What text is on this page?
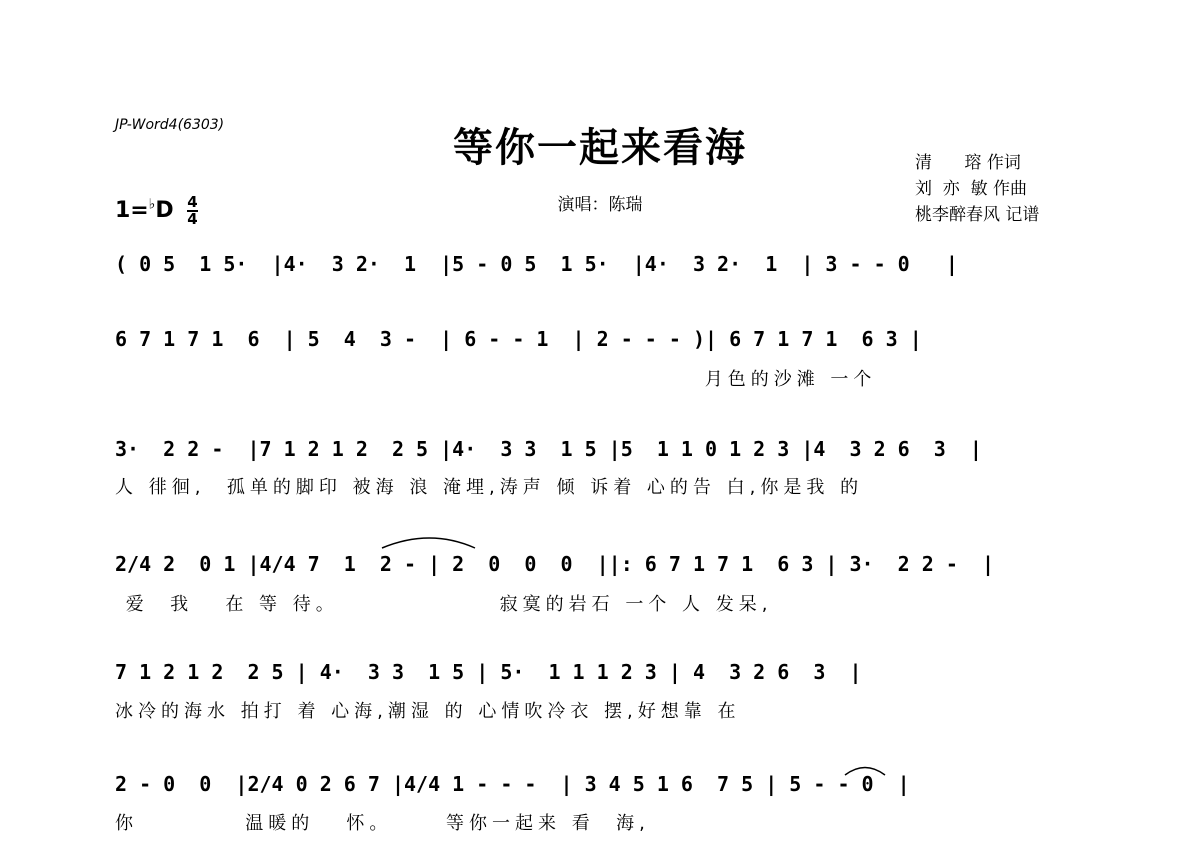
JP-Word4(6303)	等你一起来看海
演唱：陈瑞
清      瑢 作词
刘  亦  敏 作曲
桃李醉春风 记谱
$1=^♭D \frac{4}{4}$
( 0 5  1 5·  |4·  3 2·  1  |5 - 0 5  1 5·  |4·  3 2·  1  | 3 - - 0   |
6 7 1 7 1  6  | 5  4  3 -  | 6 - - 1  | 2 - - - )| 6 7 1 7 1  6 3 |
月色的沙滩 一个
3·  2 2 -  |7 1 2 1 2  2 5 |4·  3 3  1 5 |5  1 1 0 1 2 3 |4  3 2 6  3  |
人 徘徊,  孤单的脚印 被海 浪 淹埋,涛声 倾 诉着 心的告 白,你是我 的
2/4 2  0 1 |4/4 7  1  2 - | 2  0  0  0  ||: 6 7 1 7 1  6 3 | 3·  2 2 -  |
爱  我   在 等 待。               寂寞的岩石 一个 人 发呆,
7 1 2 1 2  2 5 | 4·  3 3  1 5 | 5·  1 1 1 2 3 | 4  3 2 6  3  |
冰冷的海水 拍打 着 心海,潮湿 的 心情吹冷衣 摆,好想靠 在
2 - 0  0  |2/4 0 2 6 7 |4/4 1 - - -  | 3 4 5 1 6  7 5 | 5 - - 0  |
你          温暖的   怀。     等你一起来 看  海,
